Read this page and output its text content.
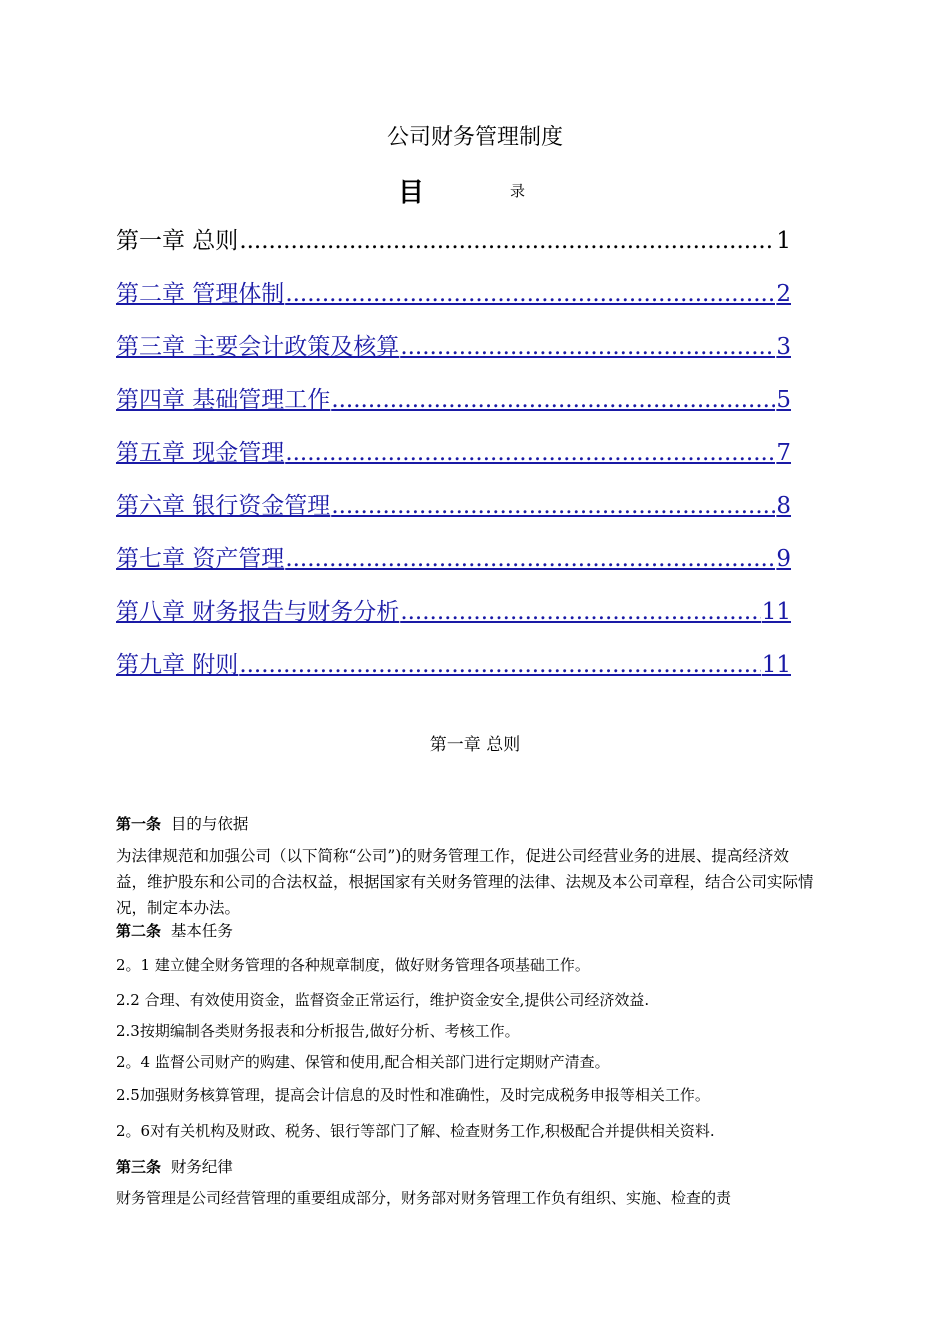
公司财务管理制度
目	录
第一章 总则 .....	1
第二章 管理体制 .....	2
第三章 主要会计政策及核算 .....	3
第四章 基础管理工作 .....	5
第五章 现金管理 .....	7
第六章 银行资金管理 .....	8
第七章 资产管理 .....	9
第八章 财务报告与财务分析 .....	11
第九章 附则 .....	11
第一章 总则
第一条 目的与依据
为法律规范和加强公司（以下简称“公司”)的财务管理工作，促进公司经营业务的进展、提高经济效益，维护股东和公司的合法权益，根据国家有关财务管理的法律、法规及本公司章程，结合公司实际情况，制定本办法。
第二条 基本任务
2。1 建立健全财务管理的各种规章制度，做好财务管理各项基础工作。
2.2 合理、有效使用资金，监督资金正常运行，维护资金安全,提供公司经济效益.
2.3按期编制各类财务报表和分析报告,做好分析、考核工作。
2。4 监督公司财产的购建、保管和使用,配合相关部门进行定期财产清查。
2.5加强财务核算管理，提高会计信息的及时性和准确性，及时完成税务申报等相关工作。
2。6对有关机构及财政、税务、银行等部门了解、检查财务工作,积极配合并提供相关资料.
第三条 财务纪律
财务管理是公司经营管理的重要组成部分，财务部对财务管理工作负有组织、实施、检查的责
